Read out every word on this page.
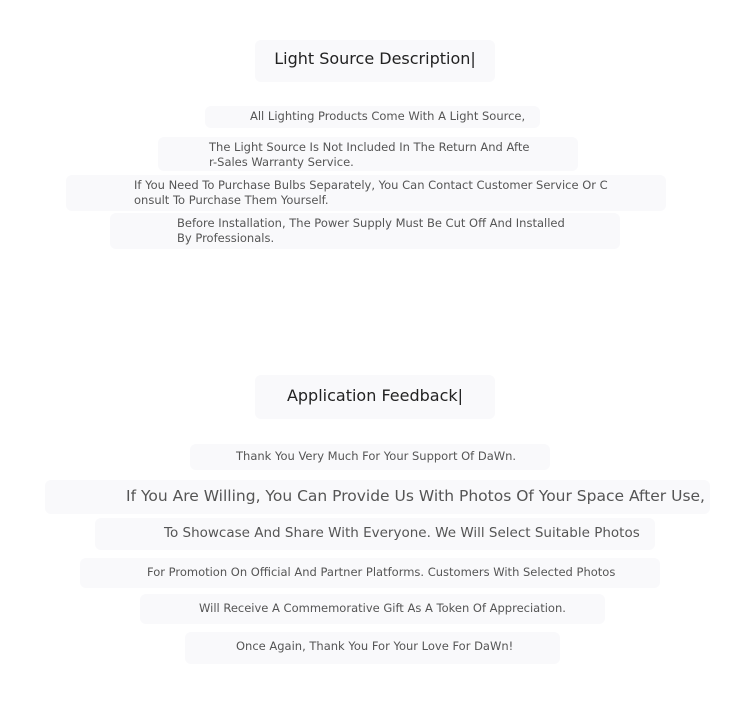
Light Source Description|
All Lighting Products Come With A Light Source,
The Light Source Is Not Included In The Return And Afte
r-Sales Warranty Service.
If You Need To Purchase Bulbs Separately, You Can Contact Customer Service Or C
onsult To Purchase Them Yourself.
Before Installation, The Power Supply Must Be Cut Off And Installed
By Professionals.
Application Feedback|
Thank You Very Much For Your Support Of DaWn.
If You Are Willing, You Can Provide Us With Photos Of Your Space After Use,
To Showcase And Share With Everyone. We Will Select Suitable Photos
For Promotion On Official And Partner Platforms. Customers With Selected Photos
Will Receive A Commemorative Gift As A Token Of Appreciation.
Once Again, Thank You For Your Love For DaWn!
